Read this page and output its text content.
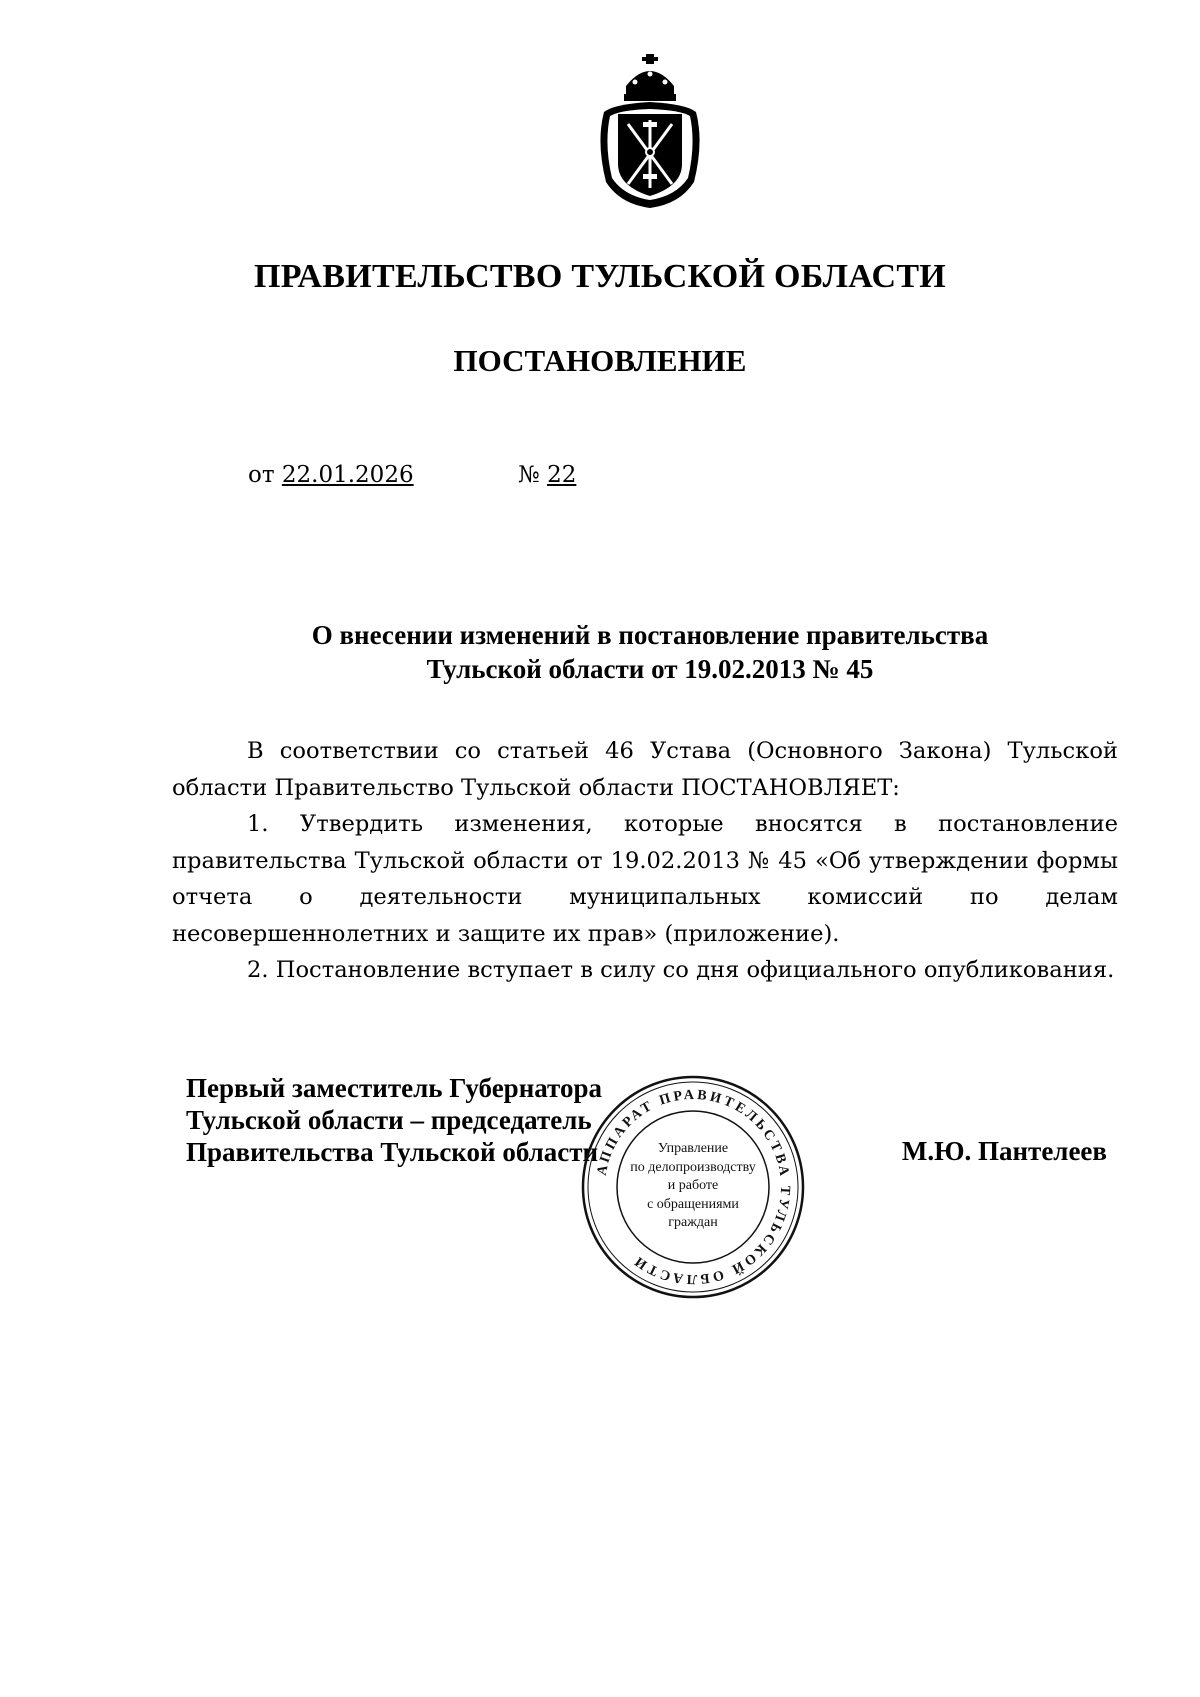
ПРАВИТЕЛЬСТВО ТУЛЬСКОЙ ОБЛАСТИ
ПОСТАНОВЛЕНИЕ
от 22.01.2026	№ 22
О внесении изменений в постановление правительства
Тульской области от 19.02.2013 № 45

В соответствии со статьей 46 Устава (Основного Закона) Тульской области Правительство Тульской области ПОСТАНОВЛЯЕТ:

1. Утвердить изменения, которые вносятся в постановление правительства Тульской области от 19.02.2013 № 45 «Об утверждении формы отчета о деятельности муниципальных комиссий по делам несовершеннолетних и защите их прав» (приложение).

2. Постановление вступает в силу со дня официального опубликования.

Первый заместитель Губернатора
Тульской области – председатель
Правительства Тульской области	М.Ю. Пантелеев
АППАРАТ ПРАВИТЕЛЬСТВА ТУЛЬСКОЙ ОБЛАСТИ
Управление
по делопроизводству
и работе
с обращениями
граждан
